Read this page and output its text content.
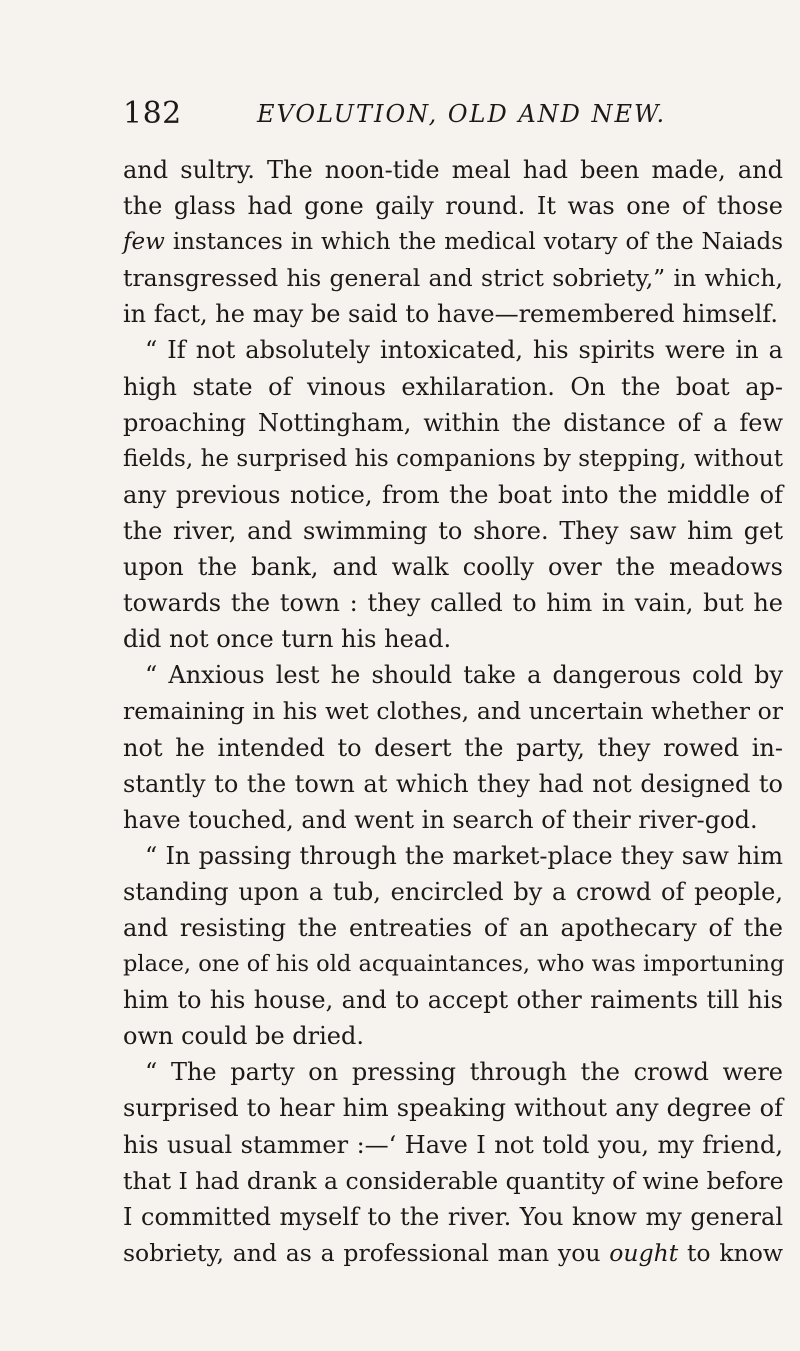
182	EVOLUTION, OLD AND NEW.
and sultry. The noon-tide meal had been made, and
the glass had gone gaily round. It was one of those
few instances in which the medical votary of the Naiads
transgressed his general and strict sobriety,” in which,
in fact, he may be said to have—remembered himself.
“ If not absolutely intoxicated, his spirits were in a
high state of vinous exhilaration. On the boat ap-
proaching Nottingham, within the distance of a few
fields, he surprised his companions by stepping, without
any previous notice, from the boat into the middle of
the river, and swimming to shore. They saw him get
upon the bank, and walk coolly over the meadows
towards the town : they called to him in vain, but he
did not once turn his head.
“ Anxious lest he should take a dangerous cold by
remaining in his wet clothes, and uncertain whether or
not he intended to desert the party, they rowed in-
stantly to the town at which they had not designed to
have touched, and went in search of their river-god.
“ In passing through the market-place they saw him
standing upon a tub, encircled by a crowd of people,
and resisting the entreaties of an apothecary of the
place, one of his old acquaintances, who was importuning
him to his house, and to accept other raiments till his
own could be dried.
“ The party on pressing through the crowd were
surprised to hear him speaking without any degree of
his usual stammer :—‘ Have I not told you, my friend,
that I had drank a considerable quantity of wine before
I committed myself to the river. You know my general
sobriety, and as a professional man you ought to know
